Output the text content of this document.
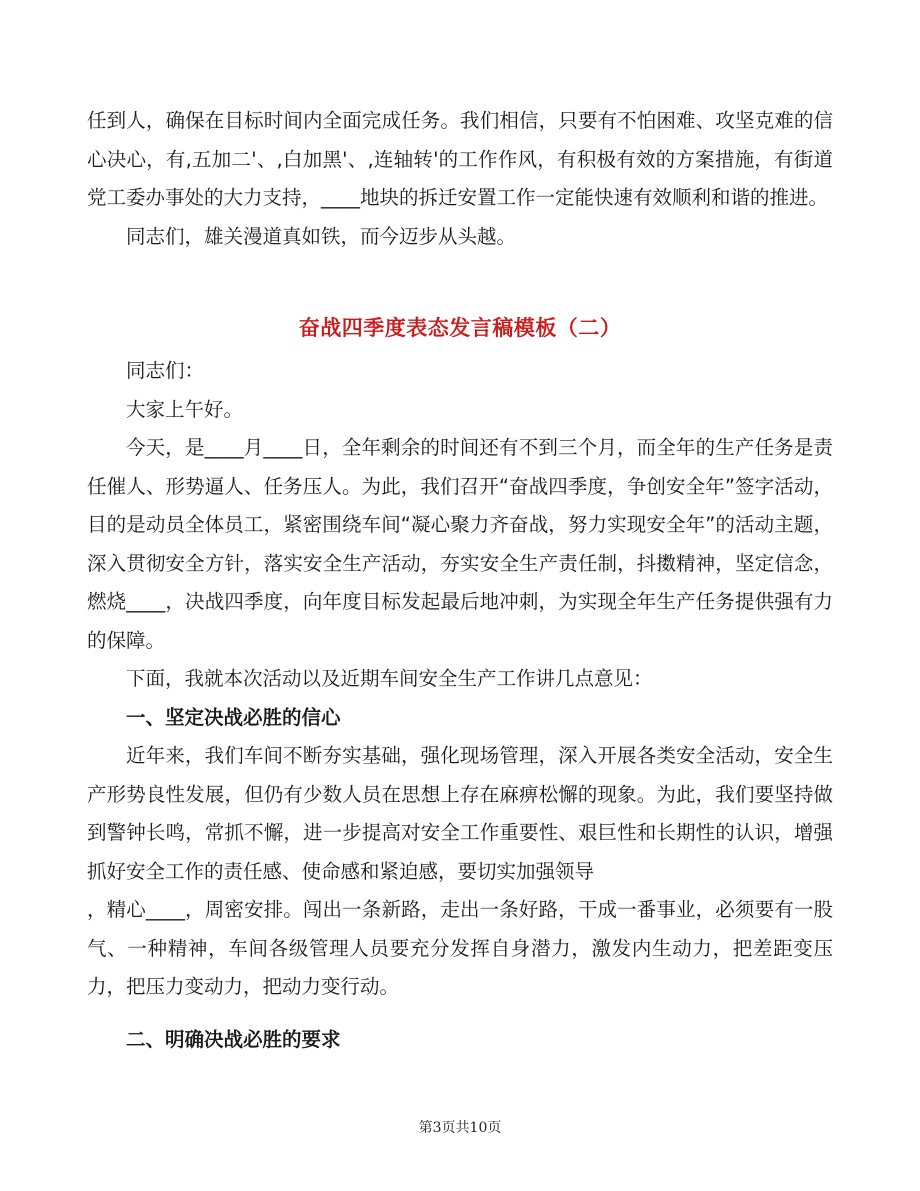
任到人，确保在目标时间内全面完成任务。我们相信，只要有不怕困难、攻坚克难的信心决心，有,五加二'、,白加黑'、,连轴转'的工作作风，有积极有效的方案措施，有街道党工委办事处的大力支持，____地块的拆迁安置工作一定能快速有效顺利和谐的推进。

同志们，雄关漫道真如铁，而今迈步从头越。

奋战四季度表态发言稿模板（二）

同志们：

大家上午好。

今天，是____月____日，全年剩余的时间还有不到三个月，而全年的生产任务是责任催人、形势逼人、任务压人。为此，我们召开“奋战四季度，争创安全年”签字活动，目的是动员全体员工，紧密围绕车间“凝心聚力齐奋战，努力实现安全年”的活动主题，深入贯彻安全方针，落实安全生产活动，夯实安全生产责任制，抖擞精神，坚定信念，燃烧____，决战四季度，向年度目标发起最后地冲刺，为实现全年生产任务提供强有力的保障。

下面，我就本次活动以及近期车间安全生产工作讲几点意见：

一、坚定决战必胜的信心

近年来，我们车间不断夯实基础，强化现场管理，深入开展各类安全活动，安全生产形势良性发展，但仍有少数人员在思想上存在麻痹松懈的现象。为此，我们要坚持做到警钟长鸣，常抓不懈，进一步提高对安全工作重要性、艰巨性和长期性的认识，增强抓好安全工作的责任感、使命感和紧迫感，要切实加强领导

，精心____，周密安排。闯出一条新路，走出一条好路，干成一番事业，必须要有一股气、一种精神，车间各级管理人员要充分发挥自身潜力，激发内生动力，把差距变压力，把压力变动力，把动力变行动。

二、明确决战必胜的要求

第3页共10页
